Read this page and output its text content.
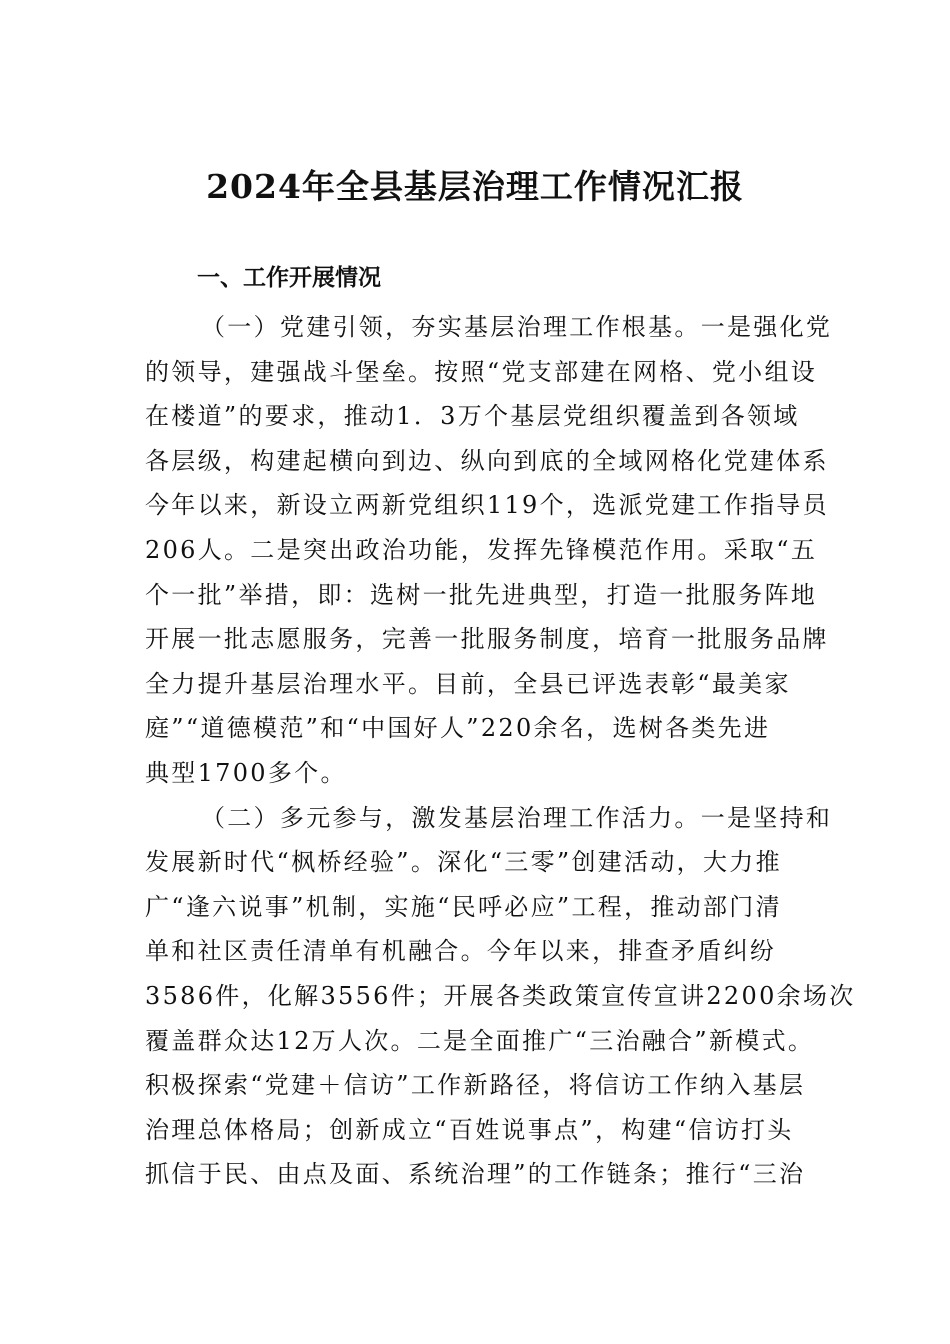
2024年全县基层治理工作情况汇报
一、工作开展情况
（一）党建引领，夯实基层治理工作根基。一是强化党
的领导，建强战斗堡垒。按照“党支部建在网格、党小组设
在楼道”的要求，推动1．3万个基层党组织覆盖到各领域
各层级，构建起横向到边、纵向到底的全域网格化党建体系
今年以来，新设立两新党组织119个，选派党建工作指导员
206人。二是突出政治功能，发挥先锋模范作用。采取“五
个一批”举措，即：选树一批先进典型，打造一批服务阵地
开展一批志愿服务，完善一批服务制度，培育一批服务品牌
全力提升基层治理水平。目前，全县已评选表彰“最美家
庭”“道德模范”和“中国好人”220余名，选树各类先进
典型1700多个。
（二）多元参与，激发基层治理工作活力。一是坚持和
发展新时代“枫桥经验”。深化“三零”创建活动，大力推
广“逢六说事”机制，实施“民呼必应”工程，推动部门清
单和社区责任清单有机融合。今年以来，排查矛盾纠纷
3586件，化解3556件；开展各类政策宣传宣讲2200余场次
覆盖群众达12万人次。二是全面推广“三治融合”新模式。
积极探索“党建＋信访”工作新路径，将信访工作纳入基层
治理总体格局；创新成立“百姓说事点”，构建“信访打头
抓信于民、由点及面、系统治理”的工作链条；推行“三治
